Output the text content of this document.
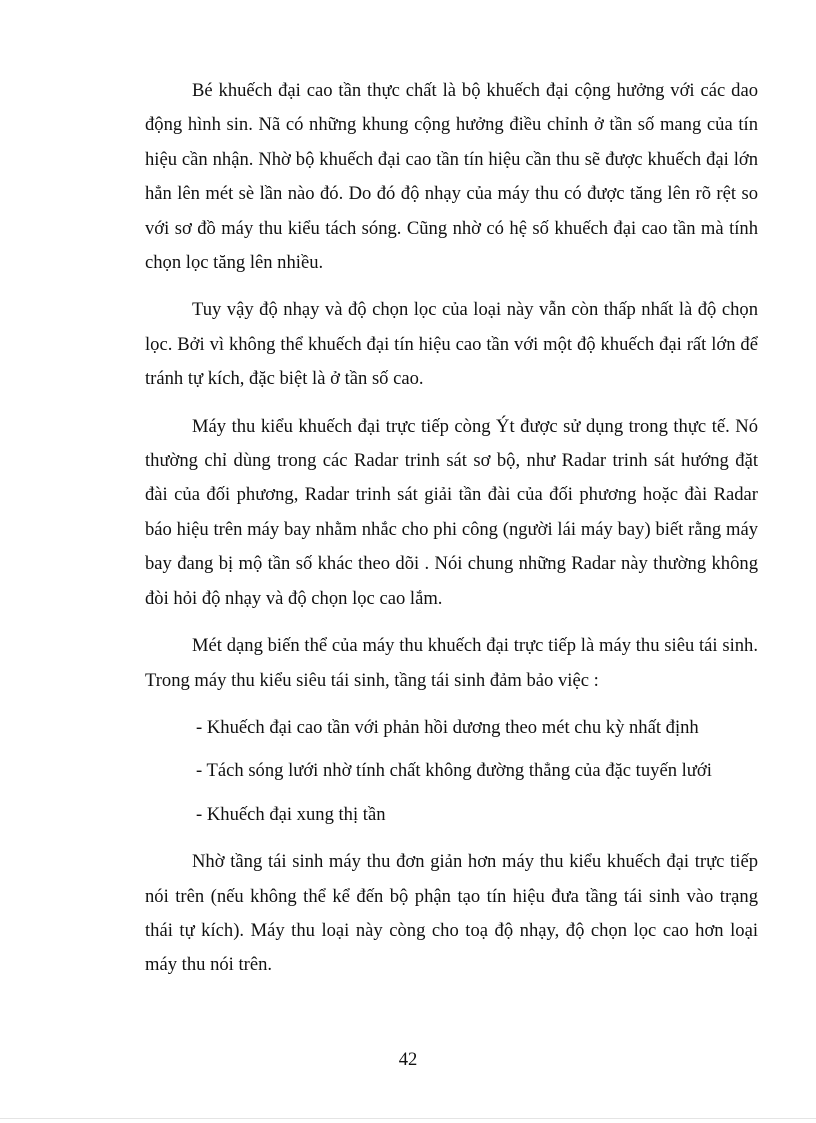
Bé khuếch đại cao tần thực chất là bộ khuếch đại cộng hưởng với các dao động hình sin. Nã có những khung cộng hưởng điều chỉnh ở tần số mang của tín hiệu cần nhận. Nhờ bộ khuếch đại cao tần tín hiệu cần thu sẽ được khuếch đại lớn hẳn lên mét sè lần nào đó. Do đó độ nhạy của máy thu có được tăng lên rõ rệt so với sơ đồ máy thu kiểu tách sóng. Cũng nhờ có hệ số khuếch đại cao tần mà tính chọn lọc tăng lên nhiều.

Tuy vậy độ nhạy và độ chọn lọc của loại này vẫn còn thấp nhất là độ chọn lọc. Bởi vì không thể khuếch đại tín hiệu cao tần với một độ khuếch đại rất lớn để tránh tự kích, đặc biệt là ở tần số cao.

Máy thu kiểu khuếch đại trực tiếp còng Ýt được sử dụng trong thực tế. Nó thường chỉ dùng trong các Radar trinh sát sơ bộ, như Radar trinh sát hướng đặt đài của đối phương, Radar trinh sát giải tần đài của đối phương hoặc đài Radar báo hiệu trên máy bay nhằm nhắc cho phi công (người lái máy bay) biết rằng máy bay đang bị mộ tần số khác theo dõi . Nói chung những Radar này thường không đòi hỏi độ nhạy và độ chọn lọc cao lắm.

Mét dạng biến thể của máy thu khuếch đại trực tiếp là máy thu siêu tái sinh. Trong máy thu kiểu siêu tái sinh, tầng tái sinh đảm bảo việc :

- Khuếch đại cao tần với phản hồi dương theo mét chu kỳ nhất định

- Tách sóng lưới nhờ tính chất không đường thẳng của đặc tuyến lưới

- Khuếch đại xung thị tần

Nhờ tầng tái sinh máy thu đơn giản hơn máy thu kiểu khuếch đại trực tiếp nói trên (nếu không thể kể đến bộ phận tạo tín hiệu đưa tầng tái sinh vào trạng thái tự kích). Máy thu loại này còng cho toạ độ nhạy, độ chọn lọc cao hơn loại máy thu nói trên.

42
